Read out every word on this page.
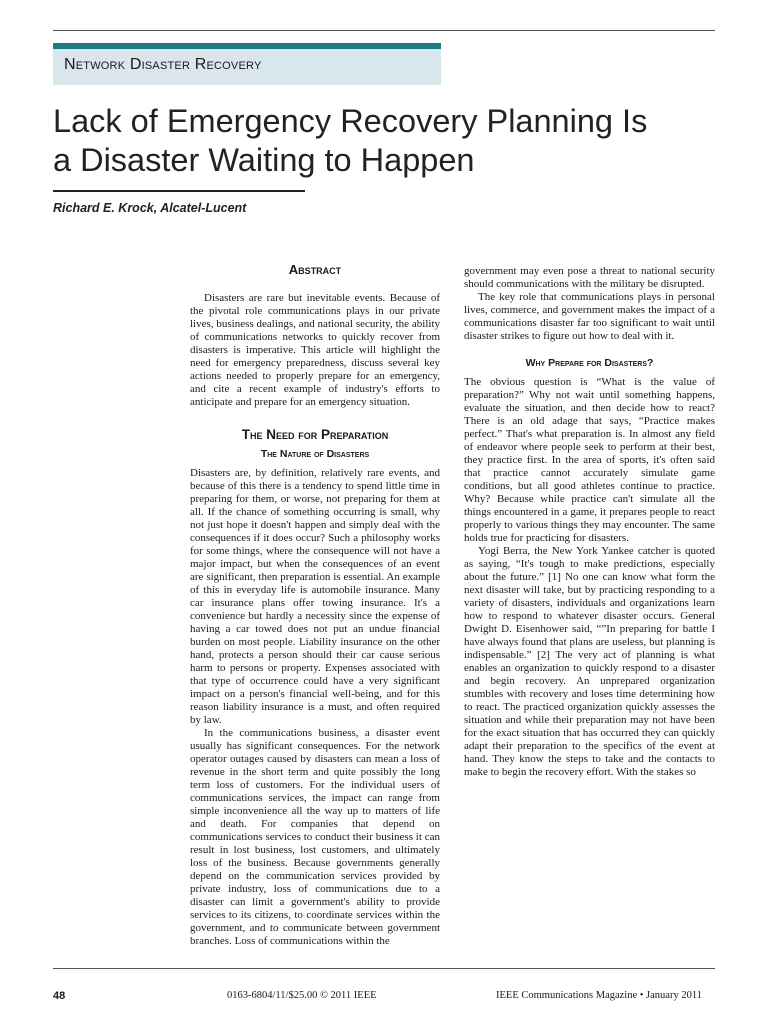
Network Disaster Recovery
Lack of Emergency Recovery Planning Is
a Disaster Waiting to Happen
Richard E. Krock, Alcatel-Lucent
Abstract

Disasters are rare but inevitable events. Because of the pivotal role communications plays in our private lives, business dealings, and national security, the ability of communications networks to quickly recover from disasters is imperative. This article will highlight the need for emergency preparedness, discuss several key actions needed to properly prepare for an emergency, and cite a recent example of industry's efforts to anticipate and prepare for an emergency situation.

The Need for Preparation
The Nature of Disasters

Disasters are, by definition, relatively rare events, and because of this there is a tendency to spend little time in preparing for them, or worse, not preparing for them at all. If the chance of something occurring is small, why not just hope it doesn't happen and simply deal with the consequences if it does occur? Such a philosophy works for some things, where the consequence will not have a major impact, but when the consequences of an event are significant, then preparation is essential. An example of this in everyday life is automobile insurance. Many car insurance plans offer towing insurance. It's a convenience but hardly a necessity since the expense of having a car towed does not put an undue financial burden on most people. Liability insurance on the other hand, protects a person should their car cause serious harm to persons or property. Expenses associated with that type of occurrence could have a very significant impact on a person's financial well-being, and for this reason liability insurance is a must, and often required by law.

In the communications business, a disaster event usually has significant consequences. For the network operator outages caused by disasters can mean a loss of revenue in the short term and quite possibly the long term loss of customers. For the individual users of communications services, the impact can range from simple inconvenience all the way up to matters of life and death. For companies that depend on communications services to conduct their business it can result in lost business, lost customers, and ultimately loss of the business. Because governments generally depend on the communication services provided by private industry, loss of communications due to a disaster can limit a government's ability to provide services to its citizens, to coordinate services within the government, and to communicate between government branches. Loss of communications within the

government may even pose a threat to national security should communications with the military be disrupted.

The key role that communications plays in personal lives, commerce, and government makes the impact of a communications disaster far too significant to wait until disaster strikes to figure out how to deal with it.

Why Prepare for Disasters?

The obvious question is “What is the value of preparation?” Why not wait until something happens, evaluate the situation, and then decide how to react? There is an old adage that says, “Practice makes perfect.” That's what preparation is. In almost any field of endeavor where people seek to perform at their best, they practice first. In the area of sports, it's often said that practice cannot accurately simulate game conditions, but all good athletes continue to practice. Why? Because while practice can't simulate all the things encountered in a game, it prepares people to react properly to various things they may encounter. The same holds true for practicing for disasters.

Yogi Berra, the New York Yankee catcher is quoted as saying, “It's tough to make predictions, especially about the future.” [1] No one can know what form the next disaster will take, but by practicing responding to a variety of disasters, individuals and organizations learn how to respond to whatever disaster occurs. General Dwight D. Eisenhower said, “”In preparing for battle I have always found that plans are useless, but planning is indispensable.” [2] The very act of planning is what enables an organization to quickly respond to a disaster and begin recovery. An unprepared organization stumbles with recovery and loses time determining how to react. The practiced organization quickly assesses the situation and while their preparation may not have been for the exact situation that has occurred they can quickly adapt their preparation to the specifics of the event at hand. They know the steps to take and the contacts to make to begin the recovery effort. With the stakes so

48	0163-6804/11/$25.00 © 2011 IEEE	IEEE Communications Magazine • January 2011
